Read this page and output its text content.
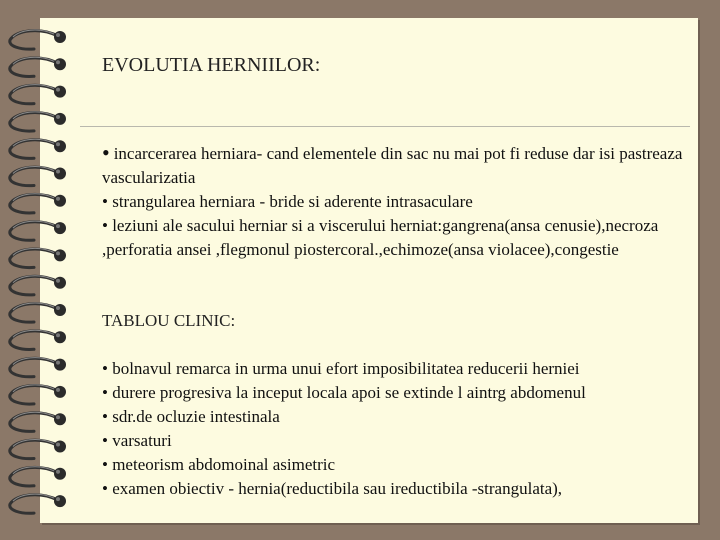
EVOLUTIA HERNIILOR:
• incarcerarea herniara- cand elementele din sac nu mai pot fi reduse dar isi pastreaza vascularizatia
• strangularea herniara - bride si aderente intrasaculare
• leziuni ale sacului herniar si a viscerului herniat:gangrena(ansa cenusie),necroza ,perforatia ansei ,flegmonul piostercoral.,echimoze(ansa violacee),congestie
TABLOU CLINIC:
• bolnavul remarca in urma unui efort imposibilitatea reducerii herniei
• durere progresiva la inceput locala apoi se extinde l aintrg abdomenul
• sdr.de ocluzie intestinala
• varsaturi
• meteorism abdomoinal asimetric
• examen obiectiv - hernia(reductibila sau ireductibila -strangulata),
